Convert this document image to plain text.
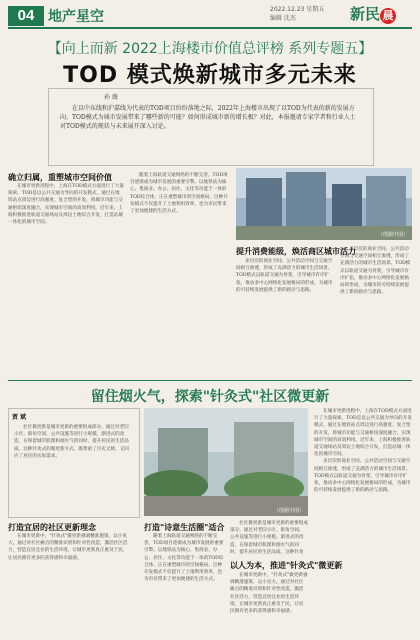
04 地产星空	2022.12.23 星期五
编辑 沈杰	新民 晨
【向上而新 2022上海楼市价值总评榜 系列专题五】
TOD 模式焕新城市多元未来
孙 薇
在以中东线和沪嘉线为代表的TOD项目纷纷落地之际，2022年上海楼市出现了以TOD为代表的新的发展方向。TOD模式为城市发展带来了哪些新的可能？如何形成城市新的增长极？对此，本报邀请专家学者和行业人士对TOD模式的现状与未来展开深入讨论。
确立归属，重塑城市空间价值

在城市更新进程中，上海在TOD模式方面进行了大量探索。TOD是以公共交通为导向的开发模式，通过在地铁站点周边进行高强度、复合型的开发，将城市功能与交通枢纽深度融合，实现城市空间的高效利用。近年来，上海积极推进轨道交通场站及周边土地综合开发，打造站城一体化的城市空间。

随着上海轨道交通网络的不断完善，TOD项目逐渐成为城市发展的重要引擎。以地铁站为核心，集商业、办公、居住、文化等功能于一体的TOD综合体，正在重塑城市的空间格局。这种开发模式不仅提升了土地利用效率，也为市民带来了更加便捷的生活方式。

（图据中国）
提升消费能级，焕活商区城市活力

多层次的商业空间、公共活动空间与交通空间相互渗透，形成了充满活力的城市生活场景。TOD模式以轨道交通为骨架，引导城市有序扩张，推动多中心网络化发展格局的形成，为城市的可持续发展提供了新的路径与思路。

多层次的商业空间、公共活动空间与交通空间相互渗透，形成了充满活力的城市生活场景。TOD模式以轨道交通为骨架，引导城市有序扩张，推动多中心网络化发展格局的形成，为城市的可持续发展提供了新的路径与思路。

留住烟火气，探索"针灸式"社区微更新
贾 斌

社区微更新是城市更新的重要组成部分。通过对老旧小区、街角空间、公共设施等进行小规模、渐进式的改造，在保留城市肌理和烟火气的同时，提升居民的生活品质。这种针灸式的微更新方式，既尊重了历史文脉，又回应了居民的实际需求。

打造宜居的社区更新理念

在城市更新中，"针灸式"微更新强调精准施策，以小见大。通过对社区痛点的精准识别和针对性改造，激活社区活力，营造宜居宜业的生活环境，让城市更新真正惠及于民，让居民拥有更多的获得感和幸福感。

（图据中国）
打造"诗意生活圈"适合

随着上海轨道交通网络的不断完善，TOD项目逐渐成为城市发展的重要引擎。以地铁站为核心，集商业、办公、居住、文化等功能于一体的TOD综合体，正在重塑城市的空间格局。这种开发模式不仅提升了土地利用效率，也为市民带来了更加便捷的生活方式。

以人为本，推进"针灸式"微更新

社区微更新是城市更新的重要组成部分。通过对老旧小区、街角空间、公共设施等进行小规模、渐进式的改造，在保留城市肌理和烟火气的同时，提升居民的生活品质。这种针灸

在城市更新中，"针灸式"微更新强调精准施策，以小见大。通过对社区痛点的精准识别和针对性改造，激活社区活力，营造宜居宜业的生活环境，让城市更新真正惠及于民，让居民拥有更多的获得感和幸福感。

在城市更新进程中，上海在TOD模式方面进行了大量探索。TOD是以公共交通为导向的开发模式，通过在地铁站点周边进行高强度、复合型的开发，将城市功能与交通枢纽深度融合，实现城市空间的高效利用。近年来，上海积极推进轨道交通场站及周边土地综合开发，打造站城一体化的城市空间。

多层次的商业空间、公共活动空间与交通空间相互渗透，形成了充满活力的城市生活场景。TOD模式以轨道交通为骨架，引导城市有序扩张，推动多中心网络化发展格局的形成，为城市的可持续发展提供了新的路径与思路。
